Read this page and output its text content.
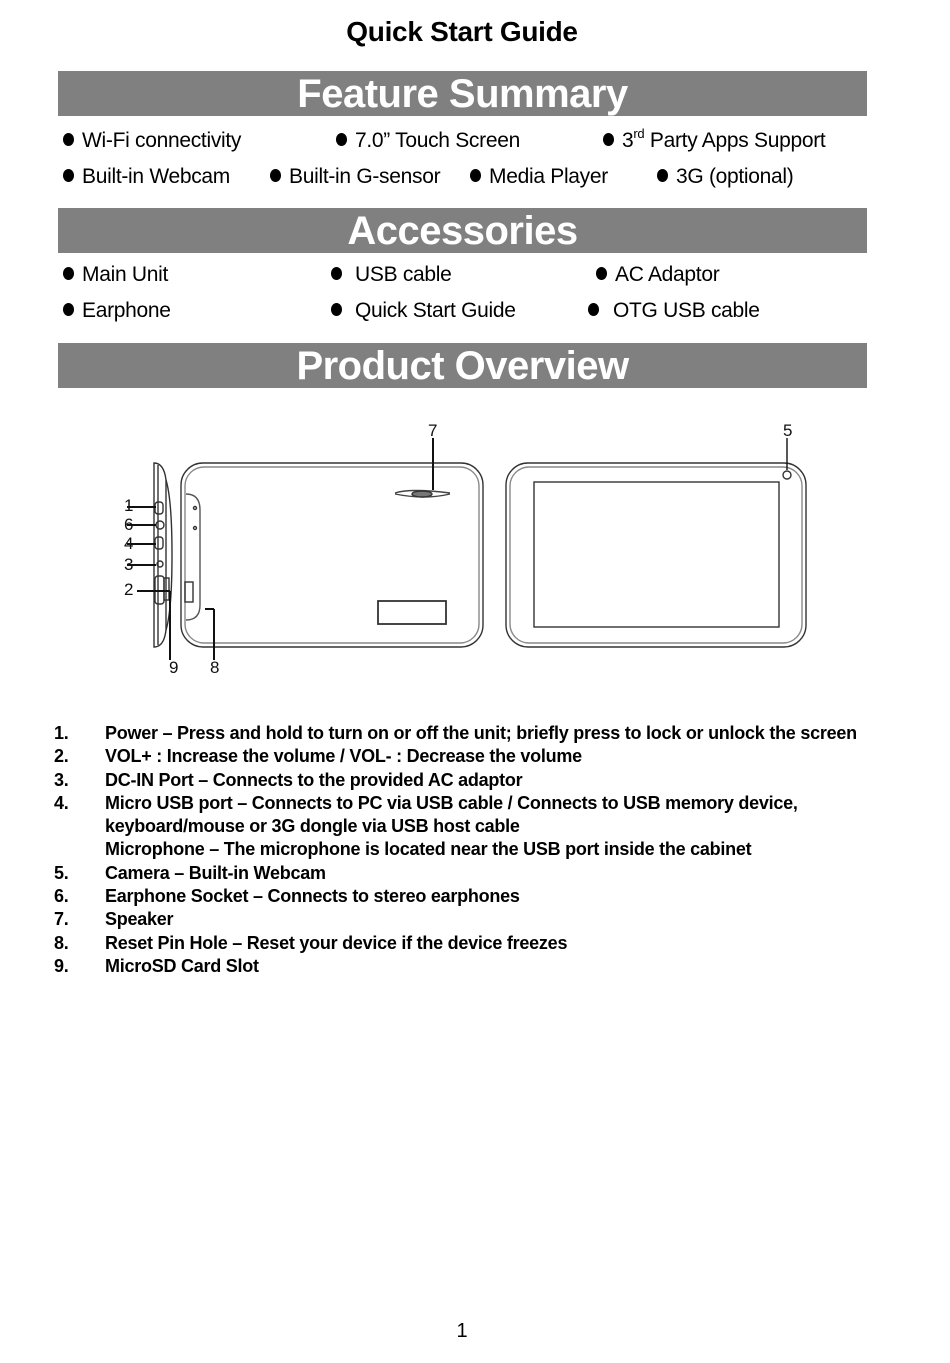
Quick Start Guide
Feature Summary
Wi-Fi connectivity	7.0” Touch Screen	3rd Party Apps Support
Built-in Webcam	Built-in G-sensor	Media Player	3G (optional)
Accessories
Main Unit	USB cable	AC Adaptor
Earphone	Quick Start Guide	OTG USB cable
Product Overview
1
6
4
3
2
9 8
7	5
1. Power – Press and hold to turn on or off the unit; briefly press to lock or unlock the screen
2. VOL+ : Increase the volume / VOL- : Decrease the volume
3. DC-IN Port – Connects to the provided AC adaptor
4. Micro USB port – Connects to PC via USB cable / Connects to USB memory device,
keyboard/mouse or 3G dongle via USB host cable
Microphone – The microphone is located near the USB port inside the cabinet
5. Camera – Built-in Webcam
6. Earphone Socket – Connects to stereo earphones
7. Speaker
8. Reset Pin Hole – Reset your device if the device freezes
9. MicroSD Card Slot
1
